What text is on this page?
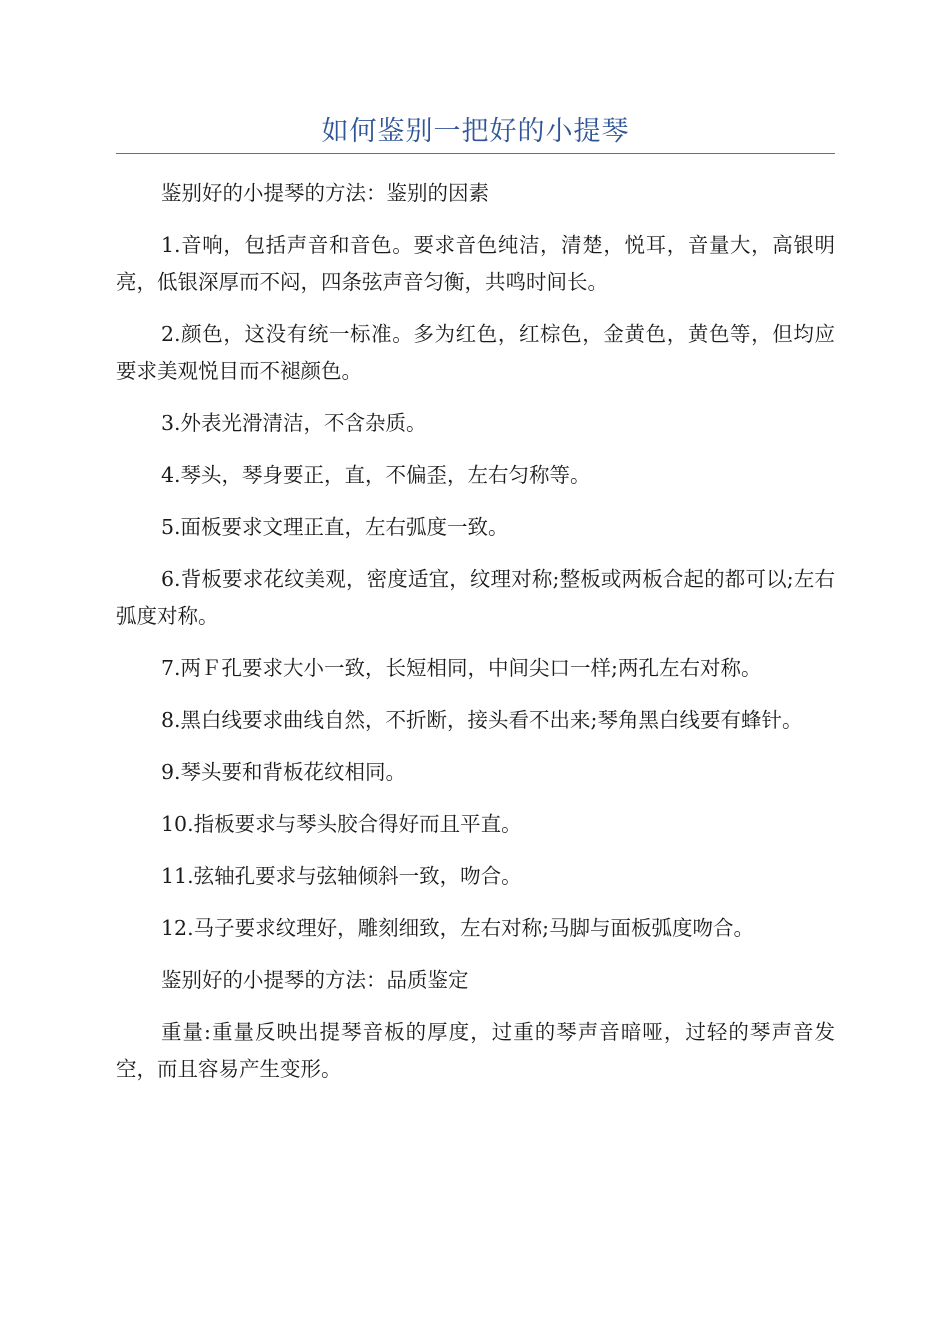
如何鉴别一把好的小提琴

鉴别好的小提琴的方法：鉴别的因素

1.音响，包括声音和音色。要求音色纯洁，清楚，悦耳，音量大，高银明亮，低银深厚而不闷，四条弦声音匀衡，共鸣时间长。

2.颜色，这没有统一标准。多为红色，红棕色，金黄色，黄色等，但均应要求美观悦目而不褪颜色。

3.外表光滑清洁，不含杂质。

4.琴头，琴身要正，直，不偏歪，左右匀称等。

5.面板要求文理正直，左右弧度一致。

6.背板要求花纹美观，密度适宜，纹理对称;整板或两板合起的都可以;左右弧度对称。

7.两Ｆ孔要求大小一致，长短相同，中间尖口一样;两孔左右对称。

8.黑白线要求曲线自然，不折断，接头看不出来;琴角黑白线要有蜂针。

9.琴头要和背板花纹相同。

10.指板要求与琴头胶合得好而且平直。

11.弦轴孔要求与弦轴倾斜一致，吻合。

12.马子要求纹理好，雕刻细致，左右对称;马脚与面板弧度吻合。

鉴别好的小提琴的方法：品质鉴定

重量:重量反映出提琴音板的厚度，过重的琴声音暗哑，过轻的琴声音发空，而且容易产生变形。
